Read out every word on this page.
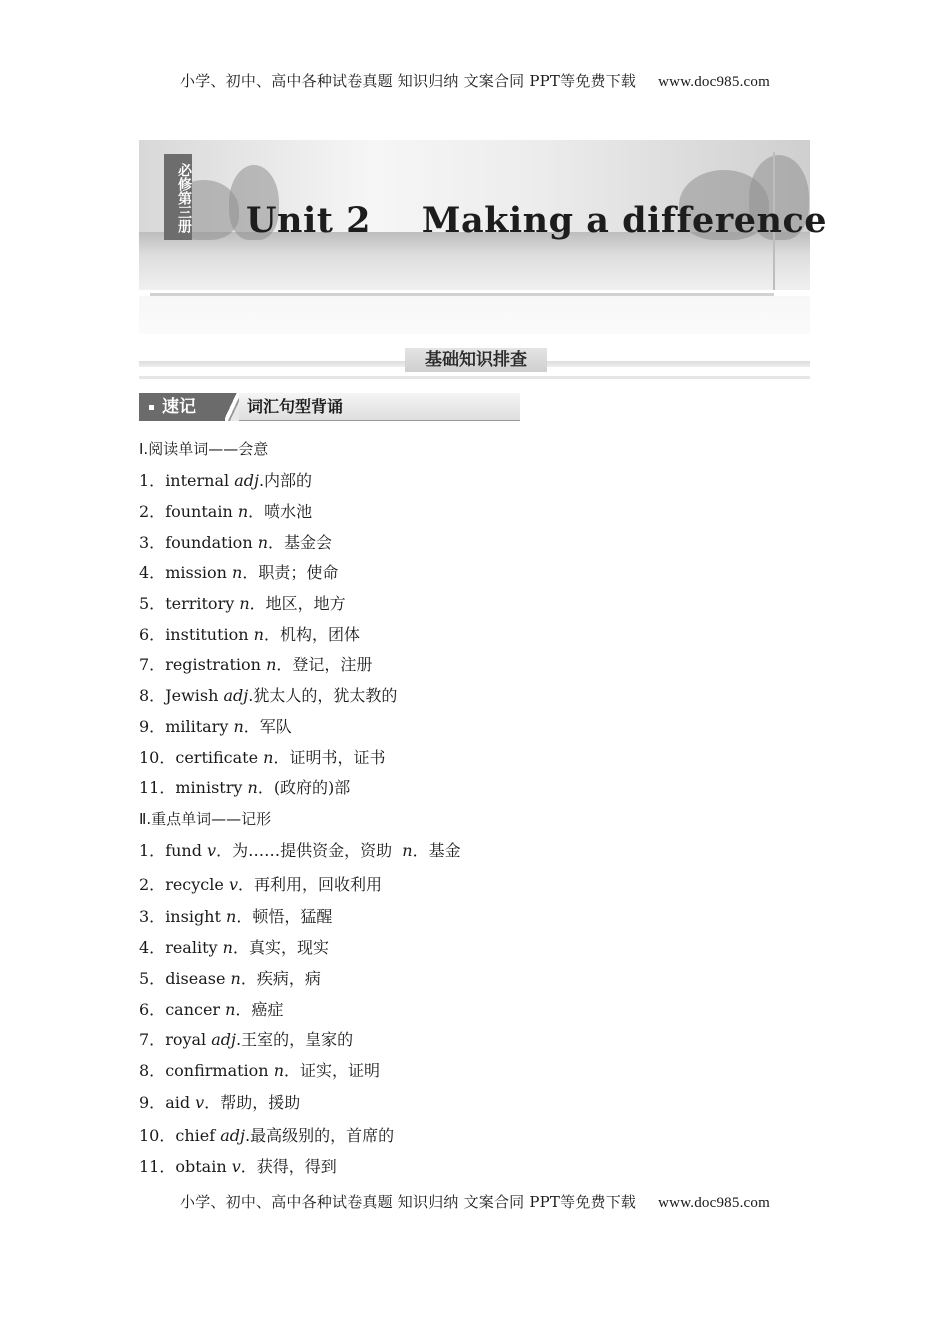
小学、初中、高中各种试卷真题 知识归纳 文案合同 PPT等免费下载 www.doc985.com
必修第三册 Unit 2    Making a difference
基础知识排查
速记	词汇句型背诵
Ⅰ.阅读单词——会意
1．internal adj.内部的
2．fountain n．喷水池
3．foundation n．基金会
4．mission n．职责；使命
5．territory n．地区，地方
6．institution n．机构，团体
7．registration n．登记，注册
8．Jewish adj.犹太人的，犹太教的
9．military n．军队
10．certificate n．证明书，证书
11．ministry n．(政府的)部
Ⅱ.重点单词——记形
1．fund v．为……提供资金，资助  n．基金
2．recycle v．再利用，回收利用
3．insight n．顿悟，猛醒
4．reality n．真实，现实
5．disease n．疾病，病
6．cancer n．癌症
7．royal adj.王室的，皇家的
8．confirmation n．证实，证明
9．aid v．帮助，援助
10．chief adj.最高级别的，首席的
11．obtain v．获得，得到
小学、初中、高中各种试卷真题 知识归纳 文案合同 PPT等免费下载 www.doc985.com
